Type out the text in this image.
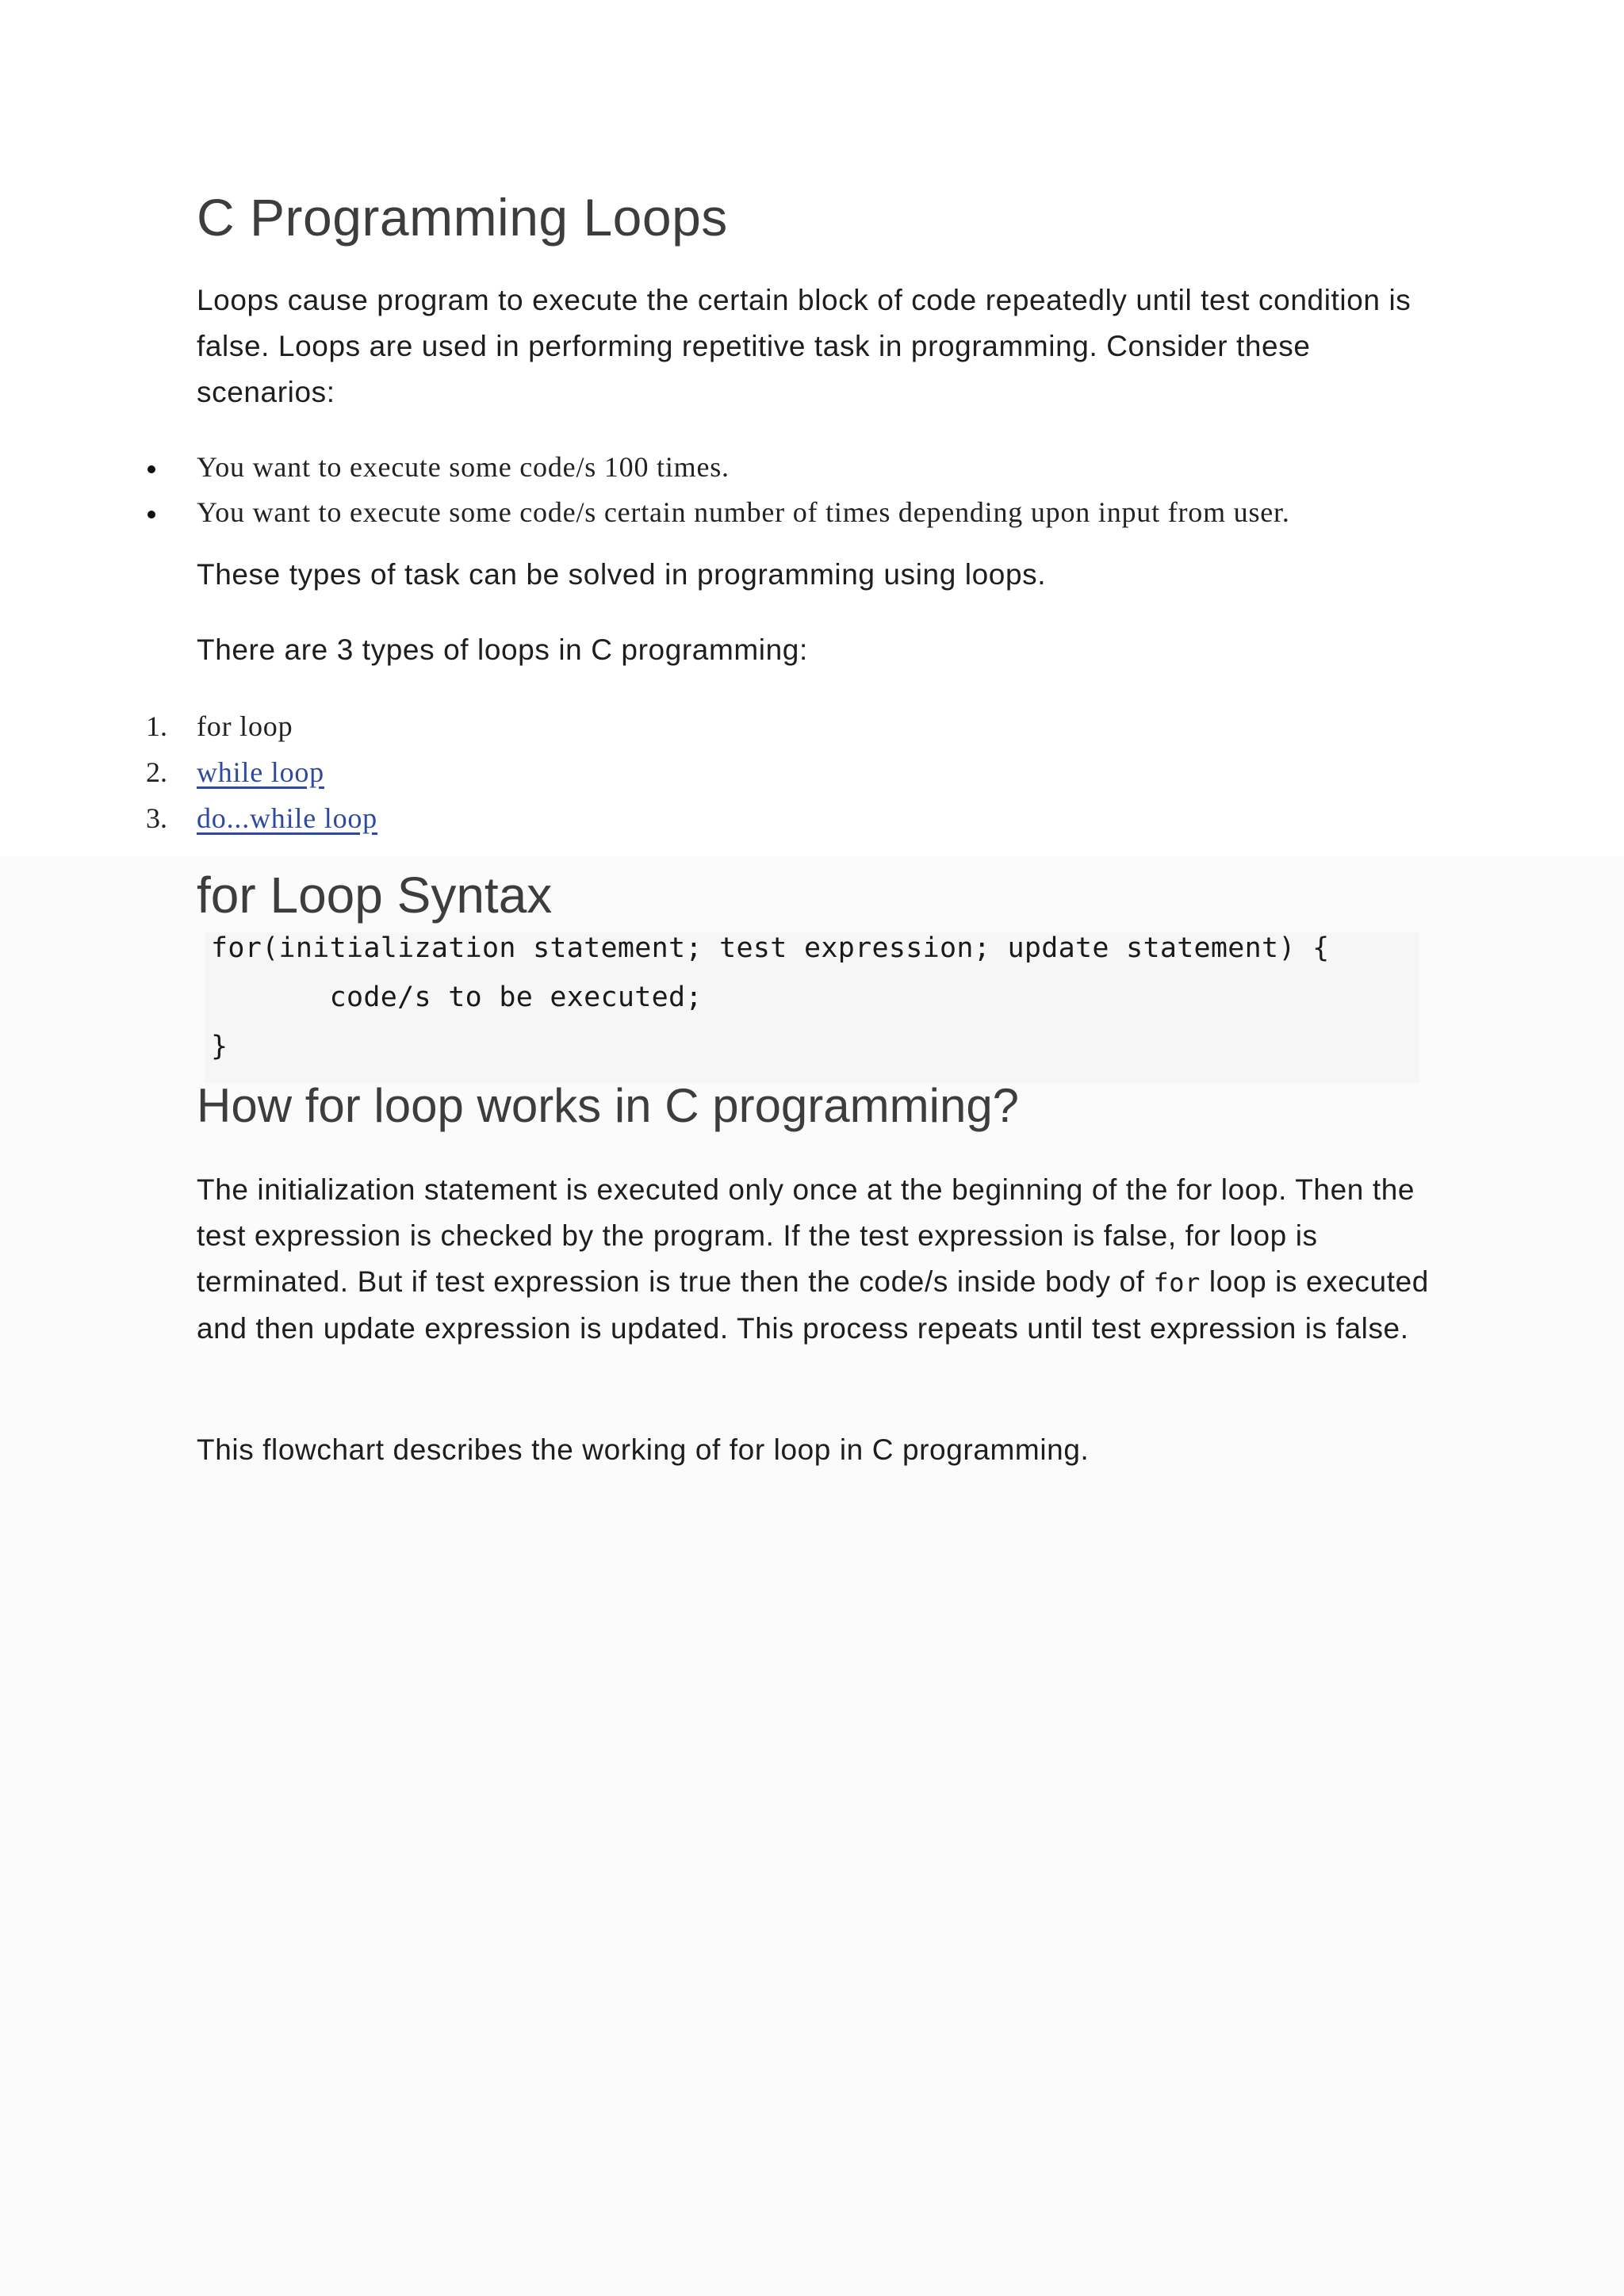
C Programming Loops
Loops cause program to execute the certain block of code repeatedly until test condition is false. Loops are used in performing repetitive task in programming. Consider these scenarios:
You want to execute some code/s 100 times.
You want to execute some code/s certain number of times depending upon input from user.
These types of task can be solved in programming using loops.
There are 3 types of loops in C programming:
1. for loop
2. while loop
3. do...while loop
for Loop Syntax
for(initialization statement; test expression; update statement) {
code/s to be executed;
}
How for loop works in C programming?
The initialization statement is executed only once at the beginning of the for loop. Then the test expression is checked by the program. If the test expression is false, for loop is terminated. But if test expression is true then the code/s inside body of for loop is executed and then update expression is updated. This process repeats until test expression is false.
This flowchart describes the working of for loop in C programming.
